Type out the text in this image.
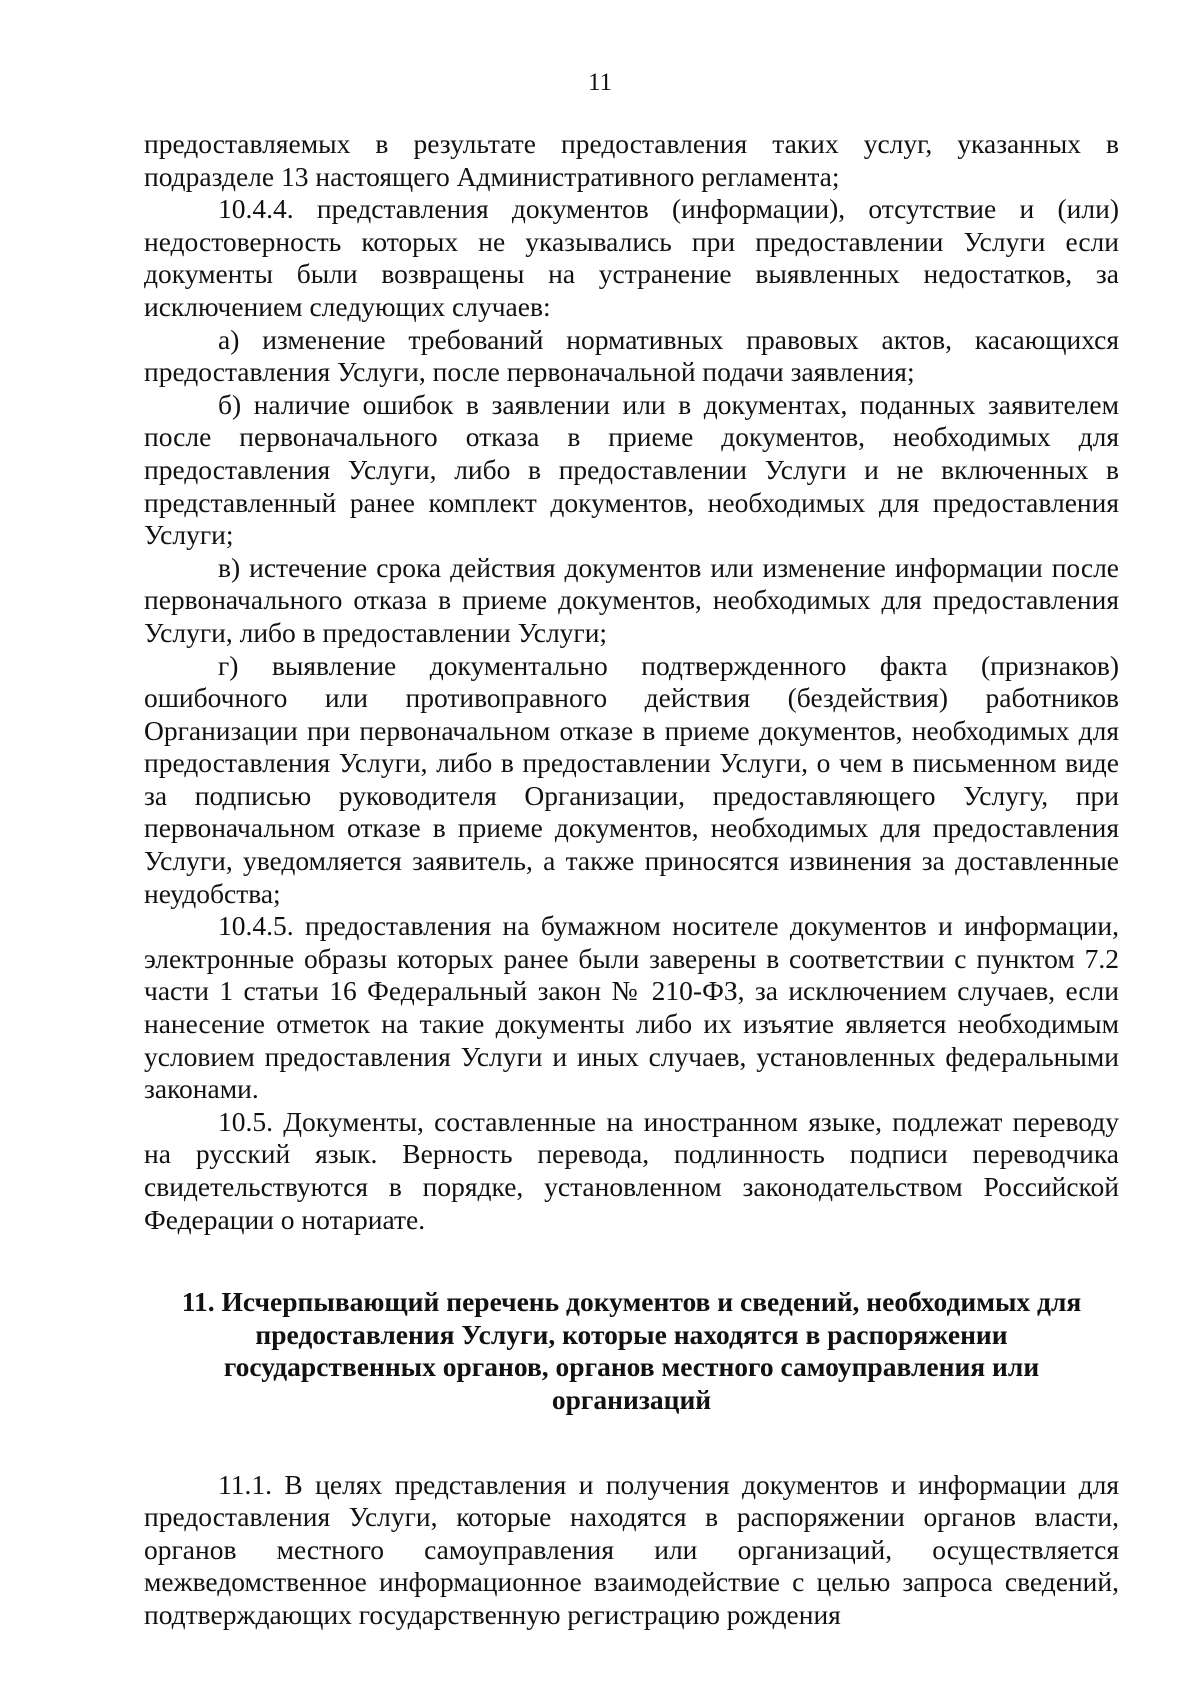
11

предоставляемых в результате предоставления таких услуг, указанных в подразделе 13 настоящего Административного регламента;

10.4.4. представления документов (информации), отсутствие и (или) недостоверность которых не указывались при предоставлении Услуги если документы были возвращены на устранение выявленных недостатков, за исключением следующих случаев:

а) изменение требований нормативных правовых актов, касающихся предоставления Услуги, после первоначальной подачи заявления;

б) наличие ошибок в заявлении или в документах, поданных заявителем после первоначального отказа в приеме документов, необходимых для предоставления Услуги, либо в предоставлении Услуги и не включенных в представленный ранее комплект документов, необходимых для предоставления Услуги;

в) истечение срока действия документов или изменение информации после первоначального отказа в приеме документов, необходимых для предоставления Услуги, либо в предоставлении Услуги;

г) выявление документально подтвержденного факта (признаков) ошибочного или противоправного действия (бездействия) работников Организации при первоначальном отказе в приеме документов, необходимых для предоставления Услуги, либо в предоставлении Услуги, о чем в письменном виде за подписью руководителя Организации, предоставляющего Услугу, при первоначальном отказе в приеме документов, необходимых для предоставления Услуги, уведомляется заявитель, а также приносятся извинения за доставленные неудобства;

10.4.5. предоставления на бумажном носителе документов и информации, электронные образы которых ранее были заверены в соответствии с пунктом 7.2 части 1 статьи 16 Федеральный закон № 210-ФЗ, за исключением случаев, если нанесение отметок на такие документы либо их изъятие является необходимым условием предоставления Услуги и иных случаев, установленных федеральными законами.

10.5. Документы, составленные на иностранном языке, подлежат переводу на русский язык. Верность перевода, подлинность подписи переводчика свидетельствуются в порядке, установленном законодательством Российской Федерации о нотариате.

11. Исчерпывающий перечень документов и сведений, необходимых для предоставления Услуги, которые находятся в распоряжении государственных органов, органов местного самоуправления или организаций

11.1. В целях представления и получения документов и информации для предоставления Услуги, которые находятся в распоряжении органов власти, органов местного самоуправления или организаций, осуществляется межведомственное информационное взаимодействие с целью запроса сведений, подтверждающих государственную регистрацию рождения
